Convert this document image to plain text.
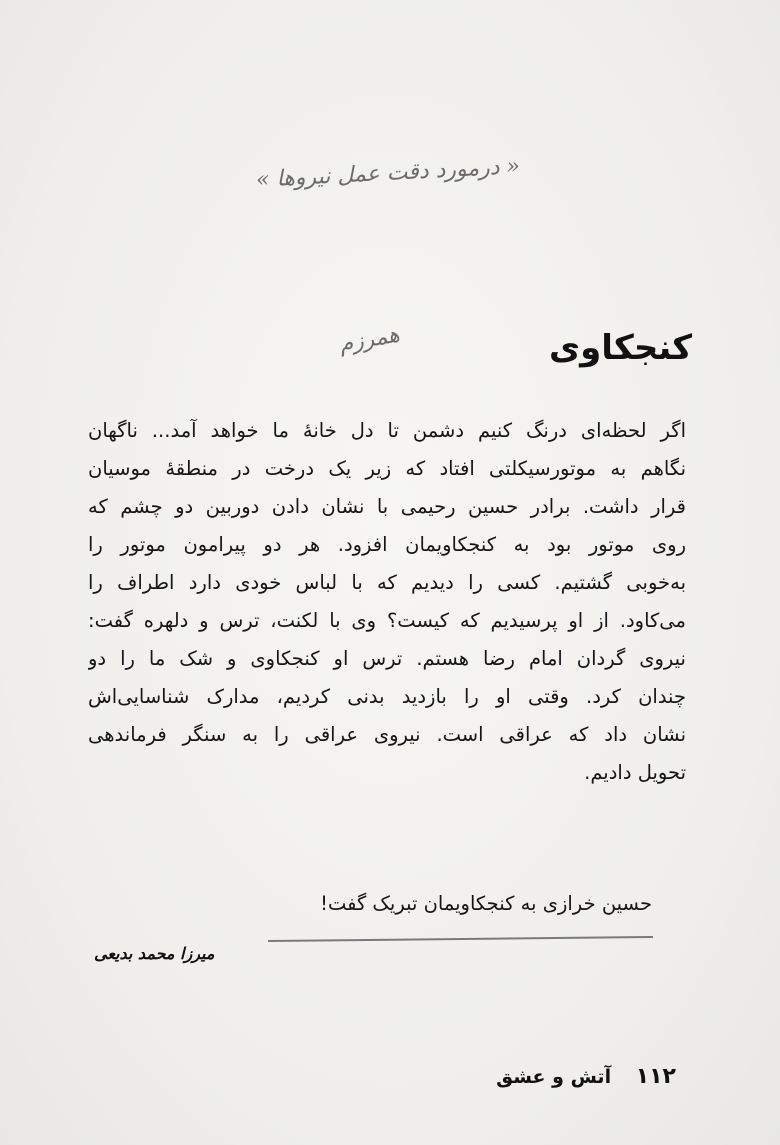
« درمورد دقت عمل نیروها »
همرزم	کنجکاوی
اگر لحظه‌ای درنگ کنیم دشمن تا دل خانهٔ ما خواهد آمد... ناگهان
نگاهم به موتورسیکلتی افتاد که زیر یک درخت در منطقهٔ موسیان
قرار داشت. برادر حسین رحیمی با نشان دادن دوربین دو چشم که
روی موتور بود به کنجکاویمان افزود. هر دو پیرامون موتور را
به‌خوبی گشتیم. کسی را دیدیم که با لباس خودی دارد اطراف را
می‌کاود. از او پرسیدیم که کیست؟ وی با لکنت، ترس و دلهره گفت:
نیروی گردان امام رضا هستم. ترس او کنجکاوی و شک ما را دو
چندان کرد. وقتی او را بازدید بدنی کردیم، مدارک شناسایی‌اش
نشان داد که عراقی است. نیروی عراقی را به سنگر فرماندهی
تحویل دادیم.
حسین خرازی به کنجکاویمان تبریک گفت!
میرزا محمد بدیعی
۱۱۲ آتش و عشق
